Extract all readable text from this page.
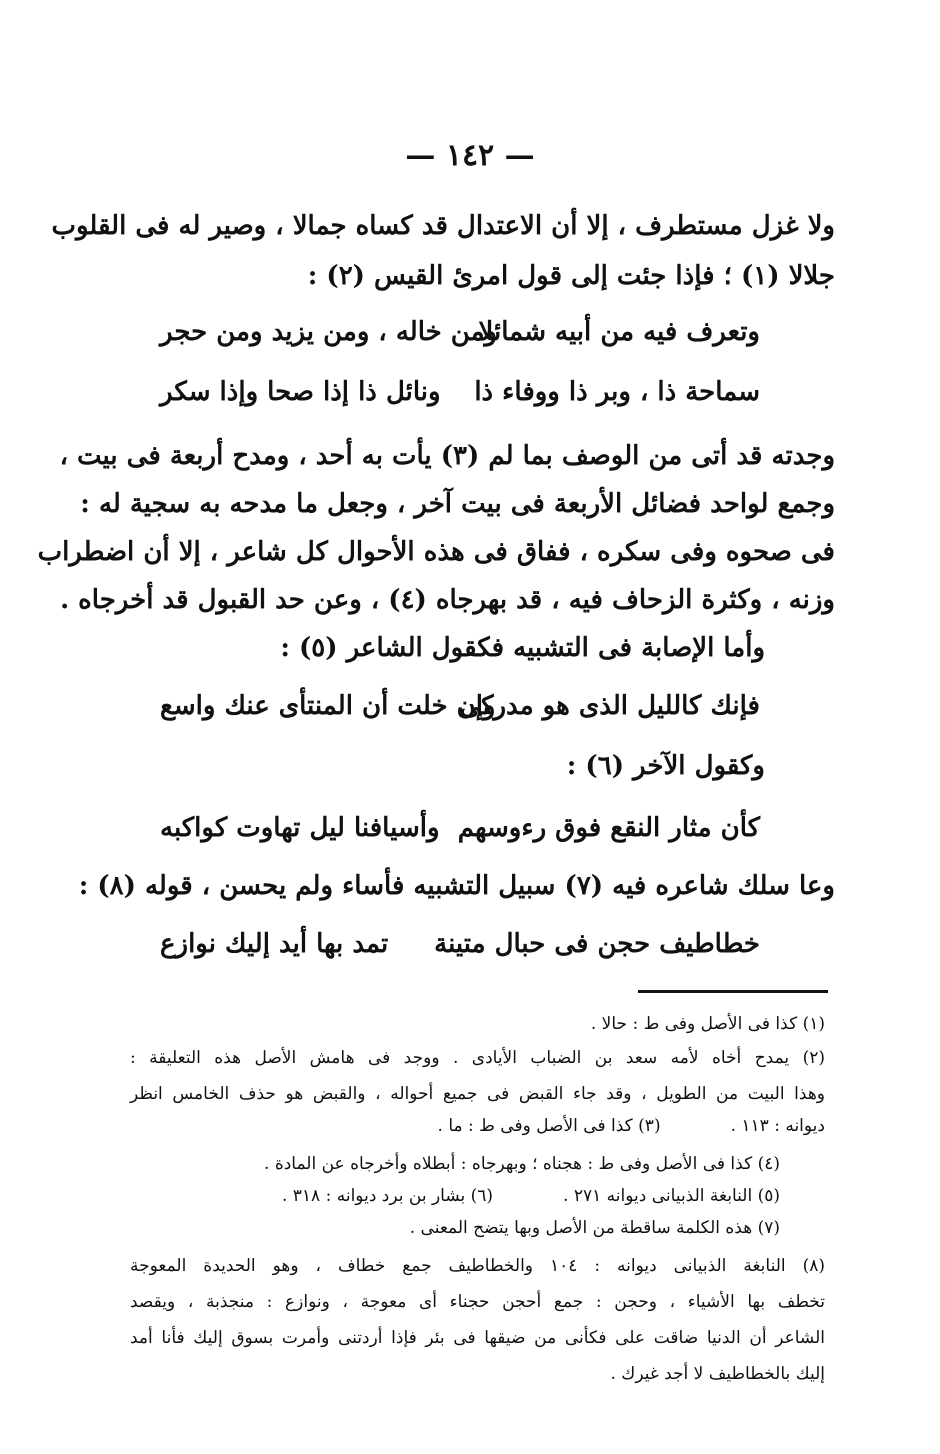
— ١٤٢ —
ولا غزل مستطرف ، إلا أن الاعتدال قد كساه جمالا ، وصير له فى القلوب
جلالا (١) ؛ فإذا جئت إلى قول امرئ القيس (٢) :
وتعرف فيه من أبيه شمائلا
ومن خاله ، ومن يزيد ومن حجر
سماحة ذا ، وبر ذا ووفاء ذا
ونائل ذا إذا صحا وإذا سكر
وجدته قد أتى من الوصف بما لم (٣) يأت به أحد ، ومدح أربعة فى بيت ،
وجمع لواحد فضائل الأربعة فى بيت آخر ، وجعل ما مدحه به سجية له :
فى صحوه وفى سكره ، ففاق فى هذه الأحوال كل شاعر ، إلا أن اضطراب
وزنه ، وكثرة الزحاف فيه ، قد بهرجاه (٤) ، وعن حد القبول قد أخرجاه .
وأما الإصابة فى التشبيه فكقول الشاعر (٥) :
فإنك كالليل الذى هو مدركى
وإن خلت أن المنتأى عنك واسع
وكقول الآخر (٦) :
كأن مثار النقع فوق رءوسهم
وأسيافنا ليل تهاوت كواكبه
وعا سلك شاعره فيه (٧) سبيل التشبيه فأساء ولم يحسن ، قوله (٨) :
خطاطيف حجن فى حبال متينة
تمد بها أيد إليك نوازع
(١) كذا فى الأصل وفى ط : حالا .
(٢) يمدح أخاه لأمه سعد بن الضباب الأيادى . ووجد فى هامش الأصل هذه التعليقة :
وهذا البيت من الطويل ، وقد جاء القبض فى جميع أحواله ، والقبض هو حذف الخامس انظر
ديوانه : ١١٣ .(٣) كذا فى الأصل وفى ط : ما .
(٤) كذا فى الأصل وفى ط : هجناه ؛ وبهرجاه : أبطلاه وأخرجاه عن المادة .
(٥) النابغة الذبيانى ديوانه ٢٧١ .(٦) بشار بن برد ديوانه : ٣١٨ .
(٧) هذه الكلمة ساقطة من الأصل وبها يتضح المعنى .
(٨) النابغة الذبيانى ديوانه : ١٠٤ والخطاطيف جمع خطاف ، وهو الحديدة المعوجة
تخطف بها الأشياء ، وحجن : جمع أحجن حجناء أى معوجة ، ونوازع : منجذبة ، ويقصد
الشاعر أن الدنيا ضاقت على فكأنى من ضيقها فى بئر فإذا أردتنى وأمرت بسوق إليك فأنا أمد
إليك بالخطاطيف لا أجد غيرك .
